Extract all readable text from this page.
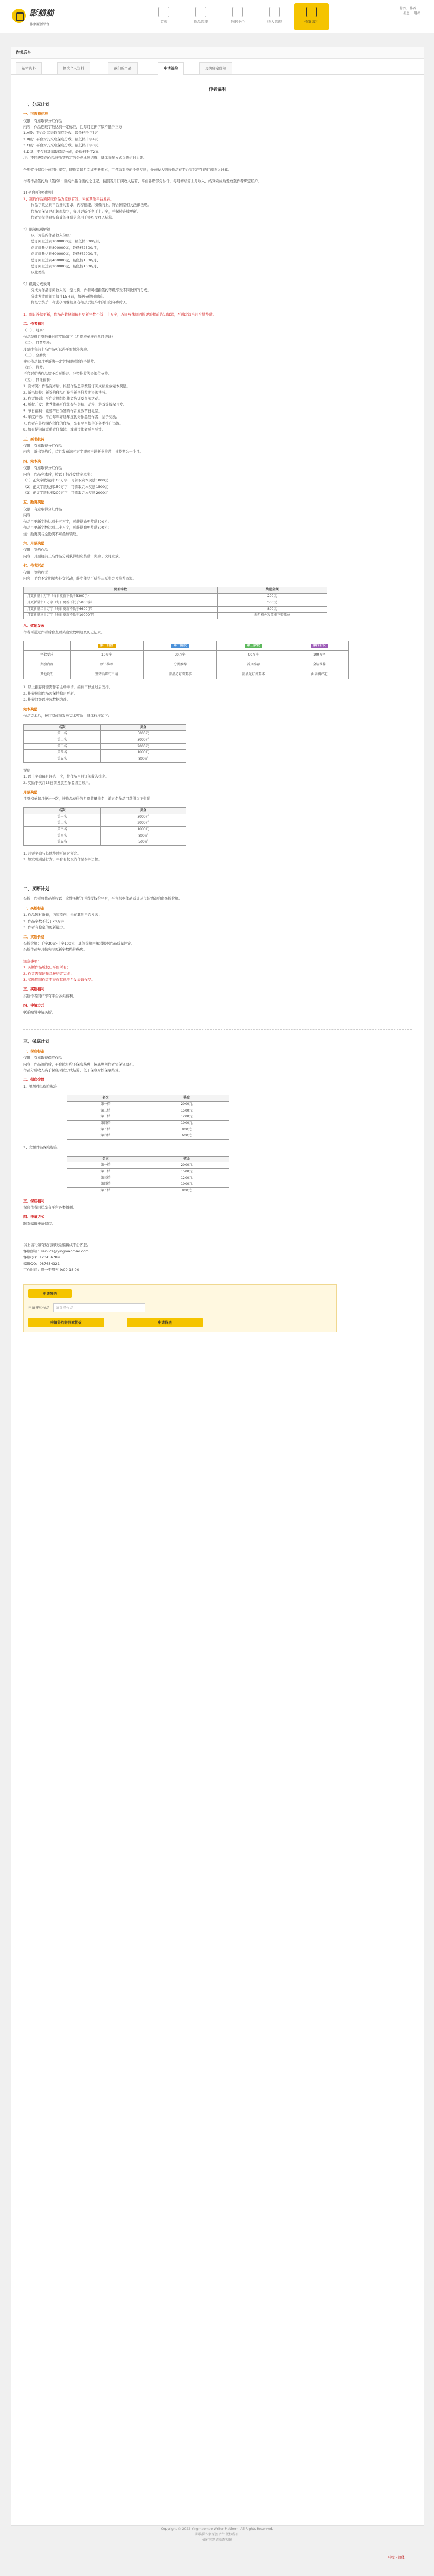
影猫猫
作家原创平台
首页	作品管理	数据中心	收入管理	作家福利
你好，作者
消息 退出
作者后台
基本资料	修改个人资料	我们的产品	申请签约	更换绑定邮箱
作者福利
一、分成计划
一、可选择标准
仅限：有意取得分红作品
内容：作品连载字数达到一定标准，且每月更新字数不低于三万
1.A级：平台对其采取保底分成，最低档千字5元
2.B级：平台对其采取保底分成，最低档千字4元
3.C级：平台对其采取保底分成，最低档千字3元
4.D级：平台对其采取保底分成，最低档千字2元
注：不同级别的作品按所签约定的分成比例结算，具体分配方式以签约时为准。
全勤奖与保底分成同时享有，即作者每月完成更新要求，可领取对应的全勤奖励；分成收入则按作品在平台实际产生的订阅收入计算。
作者作品签约后（签约）：签约作品自签约之日起，按照当月订阅收入结算，平台补贴部分另计，每月初结算上月收入，结算完成后发放至作者绑定账户。
1) 平台可签约规则
1、签约作品须保证作品为原创首发，未在其他平台发表。
作品字数达到平台签约要求，内容健康、积极向上，符合国家相关法律法规。
作品需保证更新频率稳定，每月更新不少于十万字，并保持连续更新。
作者需提供真实有效的身份信息用于签约及收入结算。
3）限制级别解锁
以下为签约作品收入分级：
总订阅量达到1000000元，最低档3000/月，
总订阅量达到800000元，最低档2500/月，
总订阅量达到600000元，最低档2000/月，
总订阅量达到400000元，最低档1500/月，
总订阅量达到200000元，最低档1000/月，
以此类推
5）级别分成说明
分成为作品订阅收入的一定比例，作者可根据签约等级享受不同比例的分成。
分成发放时间为每月15日前，如遇节假日顺延。
作品完结后，作者仍可继续享有作品后续产生的订阅分成收入。
1、保证连续更新，作品连载期间每月更新字数不低于十万字，若因特殊原因断更需提前告知编辑，否则取消当月全勤奖励。
二、作者福利
（一）、月票：
作品获得月票数量对应奖励如下（月票榜单按自然月统计）
（二）、月票奖励：
月票排名前十名作品可获得平台额外奖励。
（三）、全勤奖：
签约作品每月更新满一定字数即可领取全勤奖。
（四）、推荐：
平台对优秀作品给予首页推荐、分类推荐等资源位支持。
（五）、其他福利：
1. 完本奖：作品完本后，根据作品总字数及订阅成绩发放完本奖励。
2. 新书扶持：新签约作品可获得新书推荐期资源扶持。
3. 作者培训：平台定期组织作者培训及交流活动。
4. 版权开发：优秀作品可优先参与影视、动漫、游戏等版权开发。
5. 节日福利：重要节日为签约作者发放节日礼品。
6. 年度评选：平台每年评选年度优秀作品及作者，给予奖励。
7. 作者在签约期内创作的作品，享有平台提供的各类推广资源。
8. 如有疑问请联系责任编辑，或通过作者后台反馈。
三、新书扶持
仅限：有意取得分红作品
内容：新书签约后，首月发布满五万字即可申请新书推荐，推荐期为一个月。
四、完本奖
仅限：有意取得分红作品
内容：作品完本后，按以下标准发放完本奖：
（1）正文字数达到100万字，可领取完本奖励1000元
（2）正文字数达到150万字，可领取完本奖励1500元
（3）正文字数达到200万字，可领取完本奖励2000元
五、勤更奖励
仅限：有意取得分红作品
内容：
作品月更新字数达到十五万字，可获得勤更奖励500元；
作品月更新字数达到二十万字，可获得勤更奖励800元；
注：勤更奖与全勤奖不可叠加领取。
六、月票奖励
仅限：签约作品
内容：月票榜前三名作品分别获得相应奖励，奖励于次月发放。
七、作者活动
仅限：签约作者
内容：平台不定期举办征文活动，获奖作品可获得丰厚奖金及推荐资源。
更新字数	奖励金额
月更新满十万字（每日更新不低于3300字）	200元
月更新满十五万字（每日更新不低于5000字）	500元
月更新满二十万字（每日更新不低于6600字）	800元
月更新满三十万字（每日更新不低于10000字）	每月额外发放推荐资源位
八、奖励发放
作者可通过作者后台查看奖励发放明细及历史记录。
	第一阶段	第二阶段	第三阶段	第四阶段
字数要求	10万字	30万字	60万字	100万字
奖励内容	新书推荐	分类推荐	首页推荐	全站推荐
其他说明	签约后即可申请	需满足订阅要求	需满足订阅要求	由编辑评定
1. 以上推荐资源需作者主动申请，编辑审核通过后安排。
2. 推荐期间作品需保持稳定更新。
3. 推荐效果以实际数据为准。
完本奖励
作品完本后，按订阅成绩发放完本奖励，具体标准如下：
名次	奖金
第一名	5000元
第二名	3000元
第三名	2000元
第四名	1000元
第五名	800元
说明：
1. 以上奖励每月评选一次，按作品当月订阅收入排名。
2. 奖励于次月15日前发放至作者绑定账户。
月票奖励
月票榜单每月统计一次，按作品获得的月票数量排名，前五名作品可获得以下奖励：
名次	奖金
第一名	3000元
第二名	2000元
第三名	1000元
第四名	800元
第五名	500元
1. 月票奖励与其他奖励可同时领取。
2. 如发现刷票行为，平台有权取消作品参评资格。
二、买断计划
买断：作者将作品版权以一次性买断的形式授权给平台，平台根据作品质量及市场情况给出买断价格。
一、买断标准
1. 作品题材新颖，内容原创，未在其他平台发表；
2. 作品字数不低于20万字；
3. 作者有稳定的更新能力。
二、买断价格
买断价格：千字30元-千字100元，具体价格由编辑根据作品质量评定。
买断作品每月按实际更新字数结算稿费。
注意事项：
1. 买断作品版权归平台所有；
2. 作者需保证作品按约定完成；
3. 买断期间作者不得在其他平台发表该作品。
三、买断福利
买断作者同样享有平台各类福利。
四、申请方式
联系编辑申请买断。
三、保底计划
一、保底标准
仅限：有意取得保底作品
内容：作品签约后，平台按月给予保底稿费，保底期间作者需保证更新。
作品分成收入高于保底时按分成结算，低于保底时按保底结算。
二、保底金额
1、男频作品保底标准
名次	奖金
第一档	2000元
第二档	1500元
第三档	1200元
第四档	1000元
第五档	800元
第六档	600元
2、女频作品保底标准
名次	奖金
第一档	2000元
第二档	1500元
第三档	1200元
第四档	1000元
第五档	800元
三、保底福利
保底作者同样享有平台各类福利。
四、申请方式
联系编辑申请保底。
以上福利如有疑问请联系编辑或平台客服。
客服邮箱：service@yingmaomao.com
客服QQ：123456789
编辑QQ：987654321
工作时间：周一至周五 9:00-18:00
申请签约
申请签约作品： 请选择作品
申请签约并同意协议	申请保底
Copyright © 2022 Yingmaomao Writer Platform. All Rights Reserved.
影猫猫作家原创平台 版权所有
如有问题请联系客服
中文 · 简体
